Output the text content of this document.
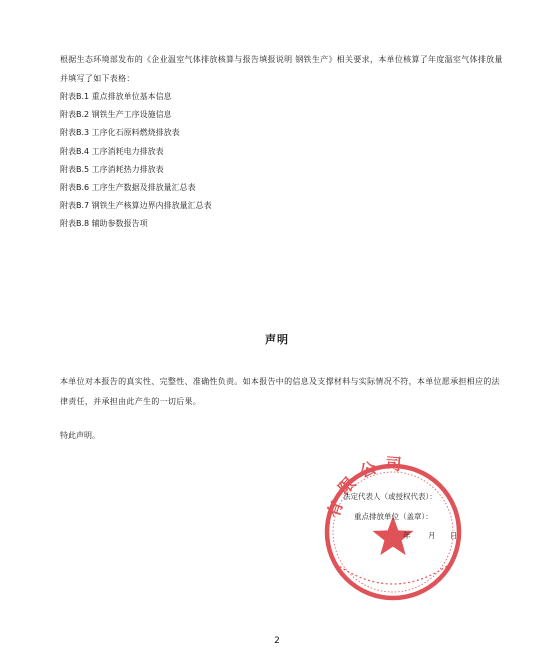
根据生态环境部发布的《企业温室气体排放核算与报告填报说明 钢铁生产》相关要求，本单位核算了年度温室气体排放量
并填写了如下表格：
附表B.1 重点排放单位基本信息
附表B.2 钢铁生产工序设施信息
附表B.3 工序化石原料燃烧排放表
附表B.4 工序消耗电力排放表
附表B.5 工序消耗热力排放表
附表B.6 工序生产数据及排放量汇总表
附表B.7 钢铁生产核算边界内排放量汇总表
附表B.8 辅助参数报告项
声明
本单位对本报告的真实性、完整性、准确性负责。如本报告中的信息及支撑材料与实际情况不符，本单位愿承担相应的法
律责任，并承担由此产生的一切后果。
特此声明。
有限公司
法定代表人（或授权代表）：
重点排放单位（盖章）：
年 月 日
2
